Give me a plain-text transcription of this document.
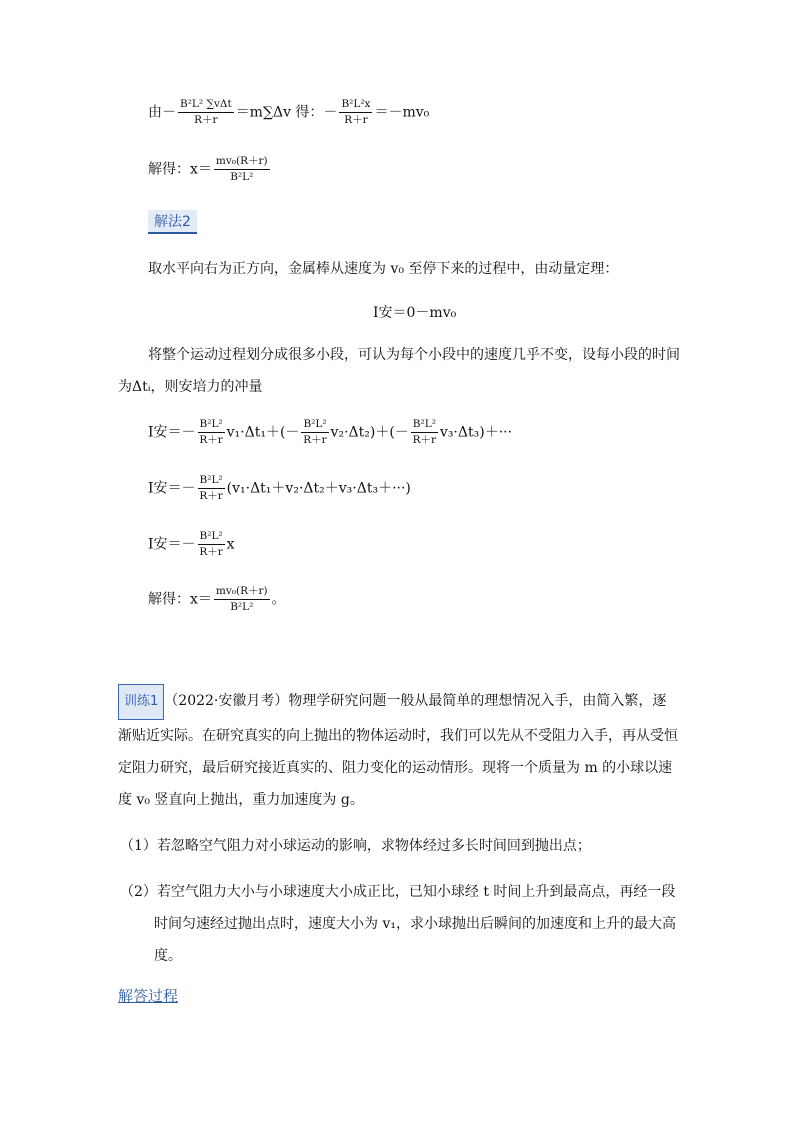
由－ $\frac{\text{B²L² ∑vΔt}}{R+r} =m\sum\Delta v$ 得：－ $\frac{\text{B²L²x}}{R+r} =-mv_0$
解得：$x= \frac{\text{mv₀(R＋r)}}{\text{B²L²}}$
解法2
取水平向右为正方向，金属棒从速度为 v₀ 至停下来的过程中，由动量定理：
I安＝0－mv₀
将整个运动过程划分成很多小段，可认为每个小段中的速度几乎不变，设每小段的时间
为Δtᵢ，则安培力的冲量
I安＝－ $\frac{\text{B²L²}}{R+r} v_1\cdot\Delta t_1+(- \frac{\text{B²L²}}{R+r} v_2\cdot\Delta t_2)+(- \frac{\text{B²L²}}{R+r} v_3\cdot\Delta t_3)+\cdot\cdot\cdot$
I安＝－ $\frac{\text{B²L²}}{R+r} (v_1\cdot\Delta t_1+v_2\cdot\Delta t_2+v_3\cdot\Delta t_3+\cdot\cdot\cdot)$
I安＝－ $\frac{\text{B²L²}}{R+r}$ x
解得：$x= \frac{\text{mv₀(R＋r)}}{\text{B²L²}}$ 。
训练1 （2022·安徽月考）物理学研究问题一般从最简单的理想情况入手，由简入繁，逐
渐贴近实际。在研究真实的向上抛出的物体运动时，我们可以先从不受阻力入手，再从受恒
定阻力研究，最后研究接近真实的、阻力变化的运动情形。现将一个质量为 m 的小球以速
度 v₀ 竖直向上抛出，重力加速度为 g。
（1）若忽略空气阻力对小球运动的影响，求物体经过多长时间回到抛出点；
（2）若空气阻力大小与小球速度大小成正比，已知小球经 t 时间上升到最高点，再经一段
时间匀速经过抛出点时，速度大小为 v₁，求小球抛出后瞬间的加速度和上升的最大高
度。
解答过程
